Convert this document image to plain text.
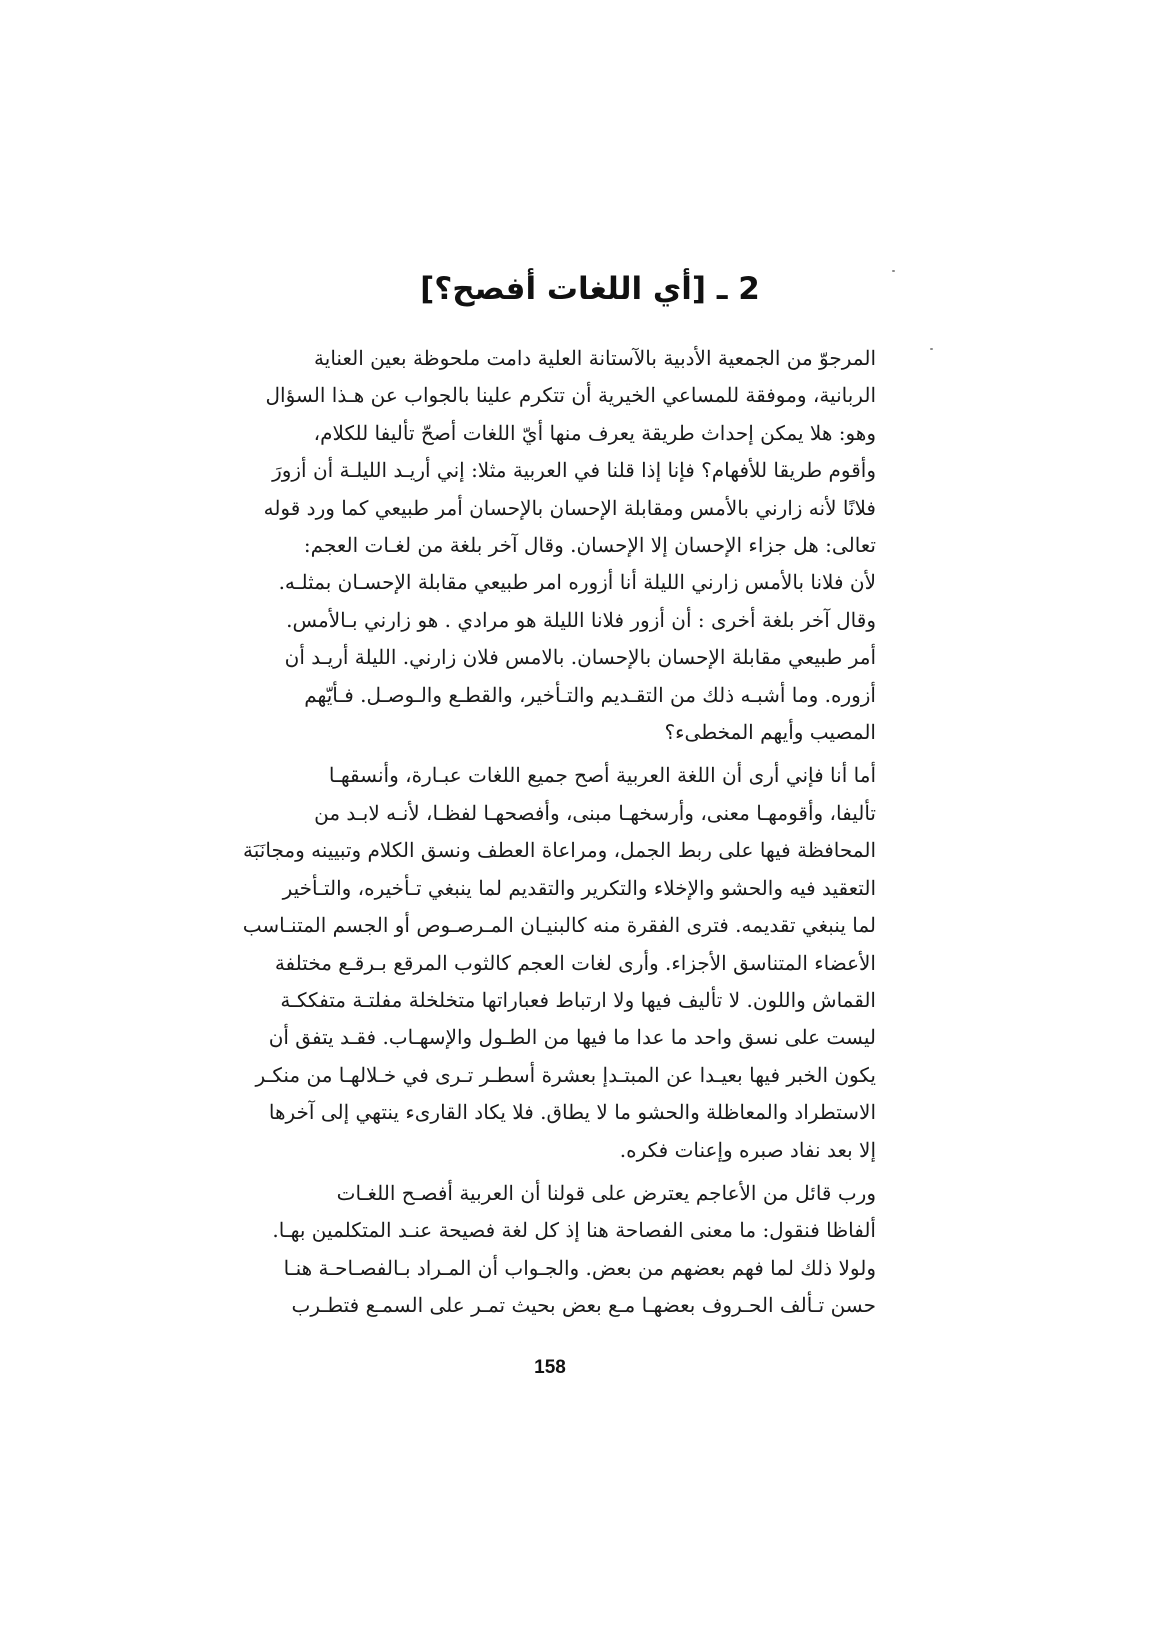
2 ـ [أي اللغات أفصح؟]

المرجوّ من الجمعية الأدبية بالآستانة العلية دامت ملحوظة بعين العناية
الربانية، وموفقة للمساعي الخيرية أن تتكرم علينا بالجواب عن هـذا السؤال
وهو: هلا يمكن إحداث طريقة يعرف منها أيّ اللغات أصحّ تأليفا للكلام،
وأقوم طريقا للأفهام؟ فإنا إذا قلنا في العربية مثلا: إني أريـد الليلـة أن أزورَ
فلانًا لأنه زارني بالأمس ومقابلة الإحسان بالإحسان أمر طبيعي كما ورد قوله
تعالى: هل جزاء الإحسان إلا الإحسان. وقال آخر بلغة من لغـات العجم:
لأن فلانا بالأمس زارني الليلة أنا أزوره امر طبيعي مقابلة الإحسـان بمثلـه.
وقال آخر بلغة أخرى : أن أزور فلانا الليلة هو مرادي . هو زارني بـالأمس.
أمر طبيعي مقابلة الإحسان بالإحسان. بالامس فلان زارني. الليلة أريـد أن
أزوره. وما أشبـه ذلك من التقـديم والتـأخير، والقطـع والـوصـل. فـأيّهم
المصيب وأيهم المخطىء؟

أما أنا فإني أرى أن اللغة العربية أصح جميع اللغات عبـارة، وأنسقهـا
تأليفا، وأقومهـا معنى، وأرسخهـا مبنى، وأفصحهـا لفظـا، لأنـه لابـد من
المحافظة فيها على ربط الجمل، ومراعاة العطف ونسق الكلام وتبيينه ومجانَبَة
التعقيد فيه والحشو والإخلاء والتكرير والتقديم لما ينبغي تـأخيره، والتـأخير
لما ينبغي تقديمه. فترى الفقرة منه كالبنيـان المـرصـوص أو الجسم المتنـاسب
الأعضاء المتناسق الأجزاء. وأرى لغات العجم كالثوب المرقع بـرقـع مختلفة
القماش واللون. لا تأليف فيها ولا ارتباط فعباراتها متخلخلة مفلتـة متفككـة
ليست على نسق واحد ما عدا ما فيها من الطـول والإسهـاب. فقـد يتفق أن
يكون الخبر فيها بعيـدا عن المبتـدإ بعشرة أسطـر تـرى في خـلالهـا من منكـر
الاستطراد والمعاظلة والحشو ما لا يطاق. فلا يكاد القارىء ينتهي إلى آخرها
إلا بعد نفاد صبره وإعنات فكره.

ورب قائل من الأعاجم يعترض على قولنا أن العربية أفصـح اللغـات
ألفاظا فنقول: ما معنى الفصاحة هنا إذ كل لغة فصيحة عنـد المتكلمين بهـا.
ولولا ذلك لما فهم بعضهم من بعض. والجـواب أن المـراد بـالفصـاحـة هنـا
حسن تـألف الحـروف بعضهـا مـع بعض بحيث تمـر على السمـع فتطـرب

158
